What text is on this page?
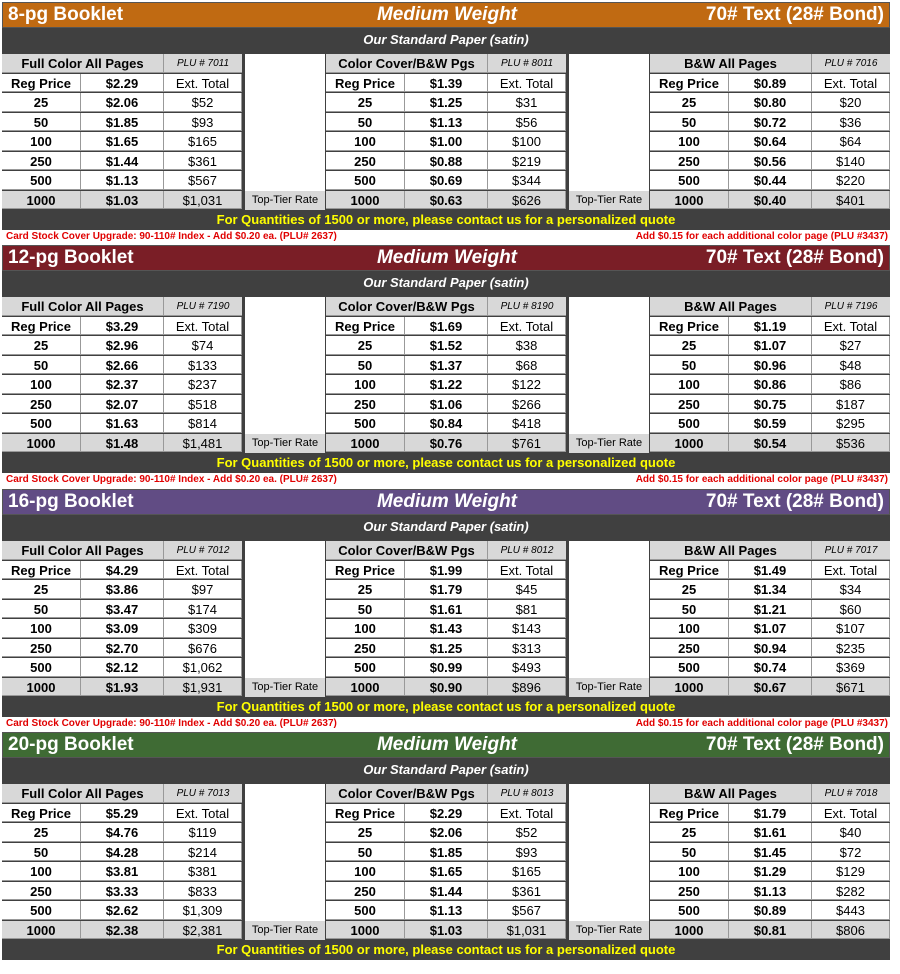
Medium Weight
8-pg Booklet	70# Text (28# Bond)
Our Standard Paper (satin)
Full Color All Pages	PLU # 7011
Reg Price	$2.29	Ext. Total
25	$2.06	$52
50	$1.85	$93
100	$1.65	$165
250	$1.44	$361
500	$1.13	$567
1000	$1.03	$1,031
Color Cover/B&W Pgs	PLU # 8011
Reg Price	$1.39	Ext. Total
25	$1.25	$31
50	$1.13	$56
100	$1.00	$100
250	$0.88	$219
500	$0.69	$344
1000	$0.63	$626
B&W All Pages	PLU # 7016
Reg Price	$0.89	Ext. Total
25	$0.80	$20
50	$0.72	$36
100	$0.64	$64
250	$0.56	$140
500	$0.44	$220
1000	$0.40	$401
Top-Tier Rate	Top-Tier Rate
For Quantities of 1500 or more, please contact us for a personalized quote
Card Stock Cover Upgrade: 90-110# Index - Add $0.20 ea. (PLU# 2637)	Add $0.15 for each additional color page (PLU #3437)
Medium Weight
12-pg Booklet	70# Text (28# Bond)
Our Standard Paper (satin)
Full Color All Pages	PLU # 7190
Reg Price	$3.29	Ext. Total
25	$2.96	$74
50	$2.66	$133
100	$2.37	$237
250	$2.07	$518
500	$1.63	$814
1000	$1.48	$1,481
Color Cover/B&W Pgs	PLU # 8190
Reg Price	$1.69	Ext. Total
25	$1.52	$38
50	$1.37	$68
100	$1.22	$122
250	$1.06	$266
500	$0.84	$418
1000	$0.76	$761
B&W All Pages	PLU # 7196
Reg Price	$1.19	Ext. Total
25	$1.07	$27
50	$0.96	$48
100	$0.86	$86
250	$0.75	$187
500	$0.59	$295
1000	$0.54	$536
Top-Tier Rate	Top-Tier Rate
For Quantities of 1500 or more, please contact us for a personalized quote
Card Stock Cover Upgrade: 90-110# Index - Add $0.20 ea. (PLU# 2637)	Add $0.15 for each additional color page (PLU #3437)
Medium Weight
16-pg Booklet	70# Text (28# Bond)
Our Standard Paper (satin)
Full Color All Pages	PLU # 7012
Reg Price	$4.29	Ext. Total
25	$3.86	$97
50	$3.47	$174
100	$3.09	$309
250	$2.70	$676
500	$2.12	$1,062
1000	$1.93	$1,931
Color Cover/B&W Pgs	PLU # 8012
Reg Price	$1.99	Ext. Total
25	$1.79	$45
50	$1.61	$81
100	$1.43	$143
250	$1.25	$313
500	$0.99	$493
1000	$0.90	$896
B&W All Pages	PLU # 7017
Reg Price	$1.49	Ext. Total
25	$1.34	$34
50	$1.21	$60
100	$1.07	$107
250	$0.94	$235
500	$0.74	$369
1000	$0.67	$671
Top-Tier Rate	Top-Tier Rate
For Quantities of 1500 or more, please contact us for a personalized quote
Card Stock Cover Upgrade: 90-110# Index - Add $0.20 ea. (PLU# 2637)	Add $0.15 for each additional color page (PLU #3437)
Medium Weight
20-pg Booklet	70# Text (28# Bond)
Our Standard Paper (satin)
Full Color All Pages	PLU # 7013
Reg Price	$5.29	Ext. Total
25	$4.76	$119
50	$4.28	$214
100	$3.81	$381
250	$3.33	$833
500	$2.62	$1,309
1000	$2.38	$2,381
Color Cover/B&W Pgs	PLU # 8013
Reg Price	$2.29	Ext. Total
25	$2.06	$52
50	$1.85	$93
100	$1.65	$165
250	$1.44	$361
500	$1.13	$567
1000	$1.03	$1,031
B&W All Pages	PLU # 7018
Reg Price	$1.79	Ext. Total
25	$1.61	$40
50	$1.45	$72
100	$1.29	$129
250	$1.13	$282
500	$0.89	$443
1000	$0.81	$806
Top-Tier Rate	Top-Tier Rate
For Quantities of 1500 or more, please contact us for a personalized quote
